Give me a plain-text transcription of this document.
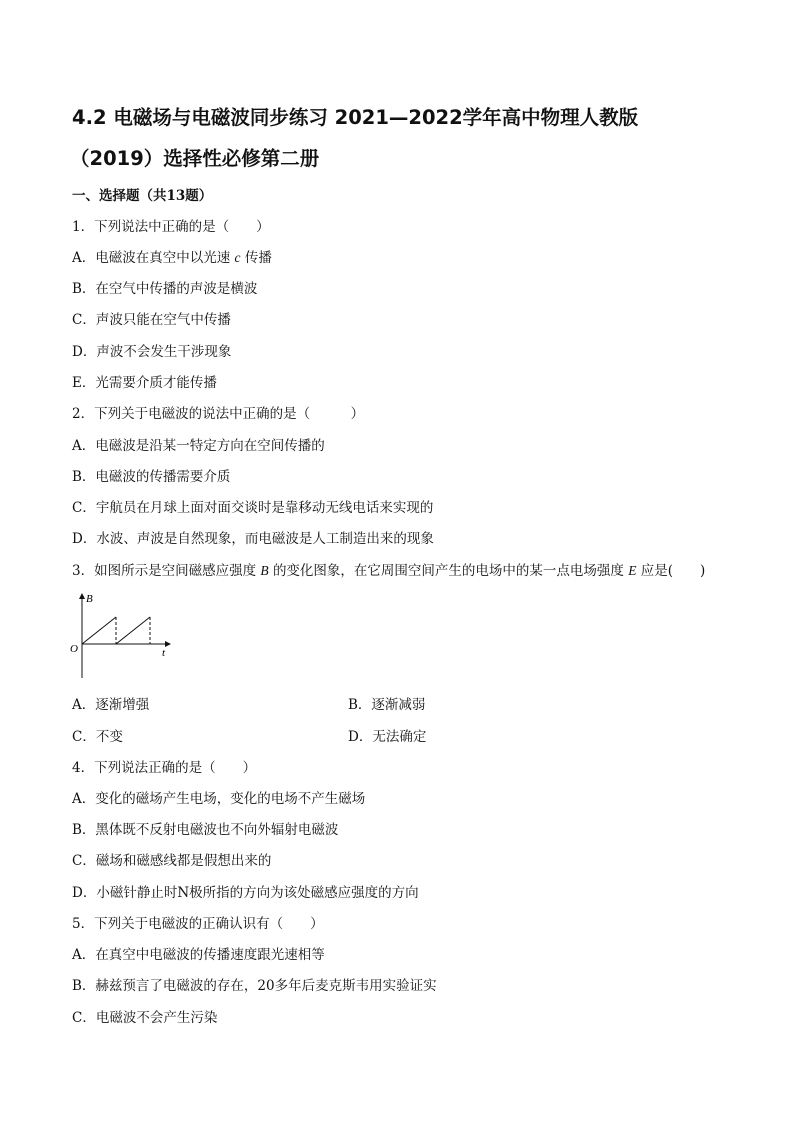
4.2 电磁场与电磁波同步练习 2021—2022学年高中物理人教版
（2019）选择性必修第二册
一、选择题（共13题）
1．下列说法中正确的是（　　）
A．电磁波在真空中以光速 c 传播
B．在空气中传播的声波是横波
C．声波只能在空气中传播
D．声波不会发生干涉现象
E．光需要介质才能传播
2．下列关于电磁波的说法中正确的是（　　　）
A．电磁波是沿某一特定方向在空间传播的
B．电磁波的传播需要介质
C．宇航员在月球上面对面交谈时是靠移动无线电话来实现的
D．水波、声波是自然现象，而电磁波是人工制造出来的现象
3．如图所示是空间磁感应强度 B 的变化图象，在它周围空间产生的电场中的某一点电场强度 E 应是(　　)
B
t
O
A．逐渐增强	B．逐渐减弱
C．不变	D．无法确定
4．下列说法正确的是（　　）
A．变化的磁场产生电场，变化的电场不产生磁场
B．黑体既不反射电磁波也不向外辐射电磁波
C．磁场和磁感线都是假想出来的
D．小磁针静止时N极所指的方向为该处磁感应强度的方向
5．下列关于电磁波的正确认识有（　　）
A．在真空中电磁波的传播速度跟光速相等
B．赫兹预言了电磁波的存在，20多年后麦克斯韦用实验证实
C．电磁波不会产生污染
